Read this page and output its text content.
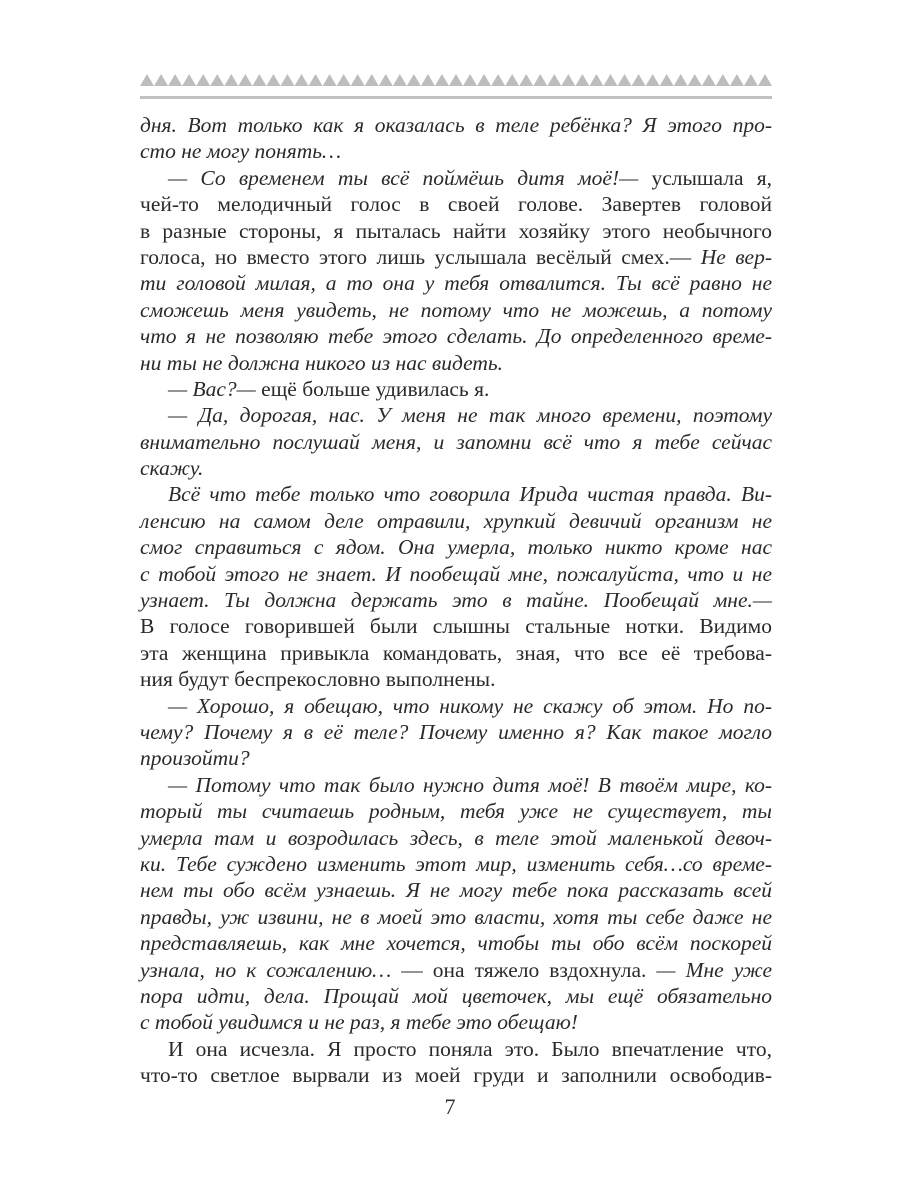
дня. Вот только как я оказалась в теле ребёнка? Я этого про-
сто не могу понять…
— Со временем ты всё поймёшь дитя моё!— услышала я,
чей-то мелодичный голос в своей голове. Завертев головой
в разные стороны, я пыталась найти хозяйку этого необычного
голоса, но вместо этого лишь услышала весёлый смех.— Не вер-
ти головой милая, а то она у тебя отвалится. Ты всё равно не
сможешь меня увидеть, не потому что не можешь, а потому
что я не позволяю тебе этого сделать. До определенного време-
ни ты не должна никого из нас видеть.
— Вас?— ещё больше удивилась я.
— Да, дорогая, нас. У меня не так много времени, поэтому
внимательно послушай меня, и запомни всё что я тебе сейчас
скажу.
Всё что тебе только что говорила Ирида чистая правда. Ви-
ленсию на самом деле отравили, хрупкий девичий организм не
смог справиться с ядом. Она умерла, только никто кроме нас
с тобой этого не знает. И пообещай мне, пожалуйста, что и не
узнает. Ты должна держать это в тайне. Пообещай мне.—
В голосе говорившей были слышны стальные нотки. Видимо
эта женщина привыкла командовать, зная, что все её требова-
ния будут беспрекословно выполнены.
— Хорошо, я обещаю, что никому не скажу об этом. Но по-
чему? Почему я в её теле? Почему именно я? Как такое могло
произойти?
— Потому что так было нужно дитя моё! В твоём мире, ко-
торый ты считаешь родным, тебя уже не существует, ты
умерла там и возродилась здесь, в теле этой маленькой девоч-
ки. Тебе суждено изменить этот мир, изменить себя…со време-
нем ты обо всём узнаешь. Я не могу тебе пока рассказать всей
правды, уж извини, не в моей это власти, хотя ты себе даже не
представляешь, как мне хочется, чтобы ты обо всём поскорей
узнала, но к сожалению… — она тяжело вздохнула. — Мне уже
пора идти, дела. Прощай мой цветочек, мы ещё обязательно
с тобой увидимся и не раз, я тебе это обещаю!
И она исчезла. Я просто поняла это. Было впечатление что,
что-то светлое вырвали из моей груди и заполнили освободив-
7
